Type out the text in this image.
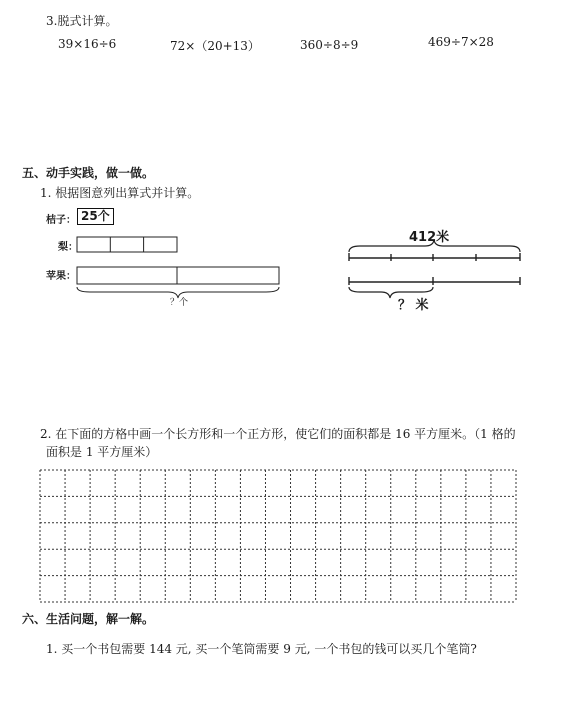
3.脱式计算。
39×16÷6	72×（20+13）	360÷8÷9	469÷7×28
五、动手实践，做一做。
1. 根据图意列出算式并计算。
桔子： 25个
梨：
苹果：
？个
412米
？ 米
2. 在下面的方格中画一个长方形和一个正方形，使它们的面积都是 16 平方厘米。（1 格的
面积是 1 平方厘米）
六、生活问题，解一解。
1. 买一个书包需要 144 元, 买一个笔筒需要 9 元, 一个书包的钱可以买几个笔筒?
